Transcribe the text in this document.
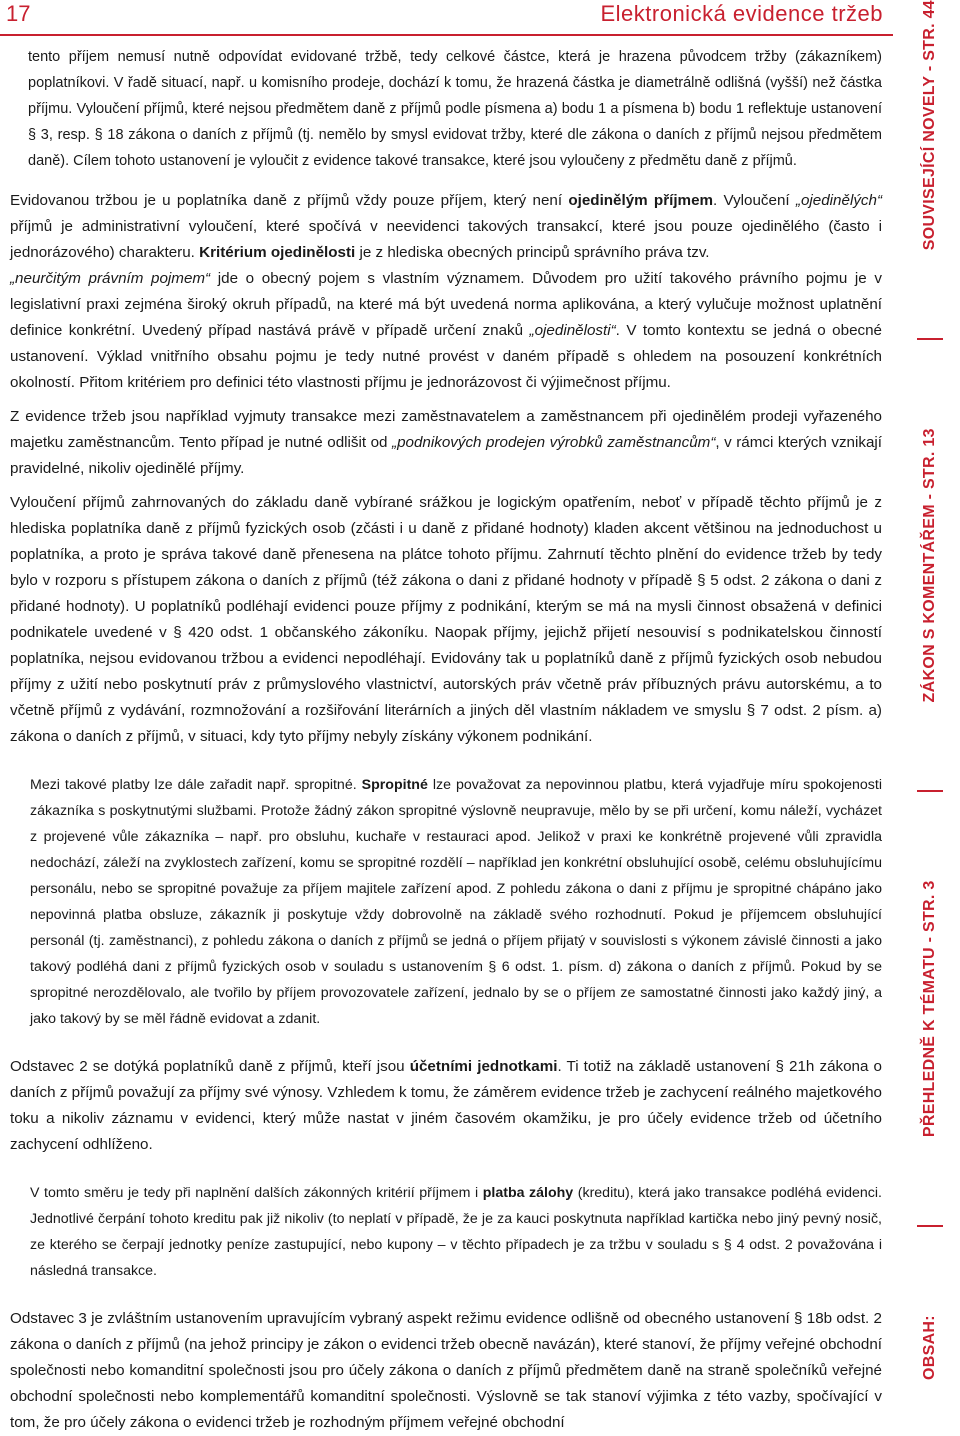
17	Elektronická evidence tržeb
OBSAH:
PŘEHLEDNĚ K TÉMATU - STR. 3
ZÁKON S KOMENTÁŘEM - STR. 13
SOUVISEJÍCÍ NOVELY - STR. 44

tento příjem nemusí nutně odpovídat evidované tržbě, tedy celkové částce, která je hrazena původcem tržby (zákazníkem) poplatníkovi. V řadě situací, např. u komisního prodeje, dochází k tomu, že hrazená částka je diametrálně odlišná (vyšší) než částka příjmu. Vyloučení příjmů, které nejsou předmětem daně z příjmů podle písmena a) bodu 1 a písmena b) bodu 1 reflektuje ustanovení § 3, resp. § 18 zákona o daních z příjmů (tj. nemělo by smysl evidovat tržby, které dle zákona o daních z příjmů nejsou předmětem daně). Cílem tohoto ustanovení je vyloučit z evidence takové transakce, které jsou vyloučeny z předmětu daně z příjmů.

Evidovanou tržbou je u poplatníka daně z příjmů vždy pouze příjem, který není ojedinělým příjmem. Vyloučení „ojedinělých“ příjmů je administrativní vyloučení, které spočívá v neevidenci takových transakcí, které jsou pouze ojedinělého (často i jednorázového) charakteru. Kritérium ojedinělosti je z hlediska obecných principů správního práva tzv.

„neurčitým právním pojmem“ jde o obecný pojem s vlastním významem. Důvodem pro užití takového právního pojmu je v legislativní praxi zejména široký okruh případů, na které má být uvedená norma aplikována, a který vylučuje možnost uplatnění definice konkrétní. Uvedený případ nastává právě v případě určení znaků „ojedinělosti“. V tomto kontextu se jedná o obecné ustanovení. Výklad vnitřního obsahu pojmu je tedy nutné provést v daném případě s ohledem na posouzení konkrétních okolností. Přitom kritériem pro definici této vlastnosti příjmu je jednorázovost či výjimečnost příjmu.

Z evidence tržeb jsou například vyjmuty transakce mezi zaměstnavatelem a zaměstnancem při ojedinělém prodeji vyřazeného majetku zaměstnancům. Tento případ je nutné odlišit od „podnikových prodejen výrobků zaměstnancům“, v rámci kterých vznikají pravidelné, nikoliv ojedinělé příjmy.

Vyloučení příjmů zahrnovaných do základu daně vybírané srážkou je logickým opatřením, neboť v případě těchto příjmů je z hlediska poplatníka daně z příjmů fyzických osob (zčásti i u daně z přidané hodnoty) kladen akcent většinou na jednoduchost u poplatníka, a proto je správa takové daně přenesena na plátce tohoto příjmu. Zahrnutí těchto plnění do evidence tržeb by tedy bylo v rozporu s přístupem zákona o daních z příjmů (též zákona o dani z přidané hodnoty v případě § 5 odst. 2 zákona o dani z přidané hodnoty). U poplatníků podléhají evidenci pouze příjmy z podnikání, kterým se má na mysli činnost obsažená v definici podnikatele uvedené v § 420 odst. 1 občanského zákoníku. Naopak příjmy, jejichž přijetí nesouvisí s podnikatelskou činností poplatníka, nejsou evidovanou tržbou a evidenci nepodléhají. Evidovány tak u poplatníků daně z příjmů fyzických osob nebudou příjmy z užití nebo poskytnutí práv z průmyslového vlastnictví, autorských práv včetně práv příbuzných právu autorskému, a to včetně příjmů z vydávání, rozmnožování a rozšiřování literárních a jiných děl vlastním nákladem ve smyslu § 7 odst. 2 písm. a) zákona o daních z příjmů, v situaci, kdy tyto příjmy nebyly získány výkonem podnikání.

Mezi takové platby lze dále zařadit např. spropitné. Spropitné lze považovat za nepovinnou platbu, která vyjadřuje míru spokojenosti zákazníka s poskytnutými službami. Protože žádný zákon spropitné výslovně neupravuje, mělo by se při určení, komu náleží, vycházet z projevené vůle zákazníka – např. pro obsluhu, kuchaře v restauraci apod. Jelikož v praxi ke konkrétně projevené vůli zpravidla nedochází, záleží na zvyklostech zařízení, komu se spropitné rozdělí – například jen konkrétní obsluhující osobě, celému obsluhujícímu personálu, nebo se spropitné považuje za příjem majitele zařízení apod. Z pohledu zákona o dani z příjmu je spropitné chápáno jako nepovinná platba obsluze, zákazník ji poskytuje vždy dobrovolně na základě svého rozhodnutí. Pokud je příjemcem obsluhující personál (tj. zaměstnanci), z pohledu zákona o daních z příjmů se jedná o příjem přijatý v souvislosti s výkonem závislé činnosti a jako takový podléhá dani z příjmů fyzických osob v souladu s ustanovením § 6 odst. 1. písm. d) zákona o daních z příjmů. Pokud by se spropitné nerozdělovalo, ale tvořilo by příjem provozovatele zařízení, jednalo by se o příjem ze samostatné činnosti jako každý jiný, a jako takový by se měl řádně evidovat a zdanit.

Odstavec 2 se dotýká poplatníků daně z příjmů, kteří jsou účetními jednotkami. Ti totiž na základě ustanovení § 21h zákona o daních z příjmů považují za příjmy své výnosy. Vzhledem k tomu, že záměrem evidence tržeb je zachycení reálného majetkového toku a nikoliv záznamu v evidenci, který může nastat v jiném časovém okamžiku, je pro účely evidence tržeb od účetního zachycení odhlíženo.

V tomto směru je tedy při naplnění dalších zákonných kritérií příjmem i platba zálohy (kreditu), která jako transakce podléhá evidenci. Jednotlivé čerpání tohoto kreditu pak již nikoliv (to neplatí v případě, že je za kauci poskytnuta například kartička nebo jiný pevný nosič, ze kterého se čerpají jednotky peníze zastupující, nebo kupony – v těchto případech je za tržbu v souladu s § 4 odst. 2 považována i následná transakce.

Odstavec 3 je zvláštním ustanovením upravujícím vybraný aspekt režimu evidence odlišně od obecného ustanovení § 18b odst. 2 zákona o daních z příjmů (na jehož principy je zákon o evidenci tržeb obecně navázán), které stanoví, že příjmy veřejné obchodní společnosti nebo komanditní společnosti jsou pro účely zákona o daních z příjmů předmětem daně na straně společníků veřejné obchodní společnosti nebo komplementářů komanditní společnosti. Výslovně se tak stanoví výjimka z této vazby, spočívající v tom, že pro účely zákona o evidenci tržeb je rozhodným příjmem veřejné obchodní
